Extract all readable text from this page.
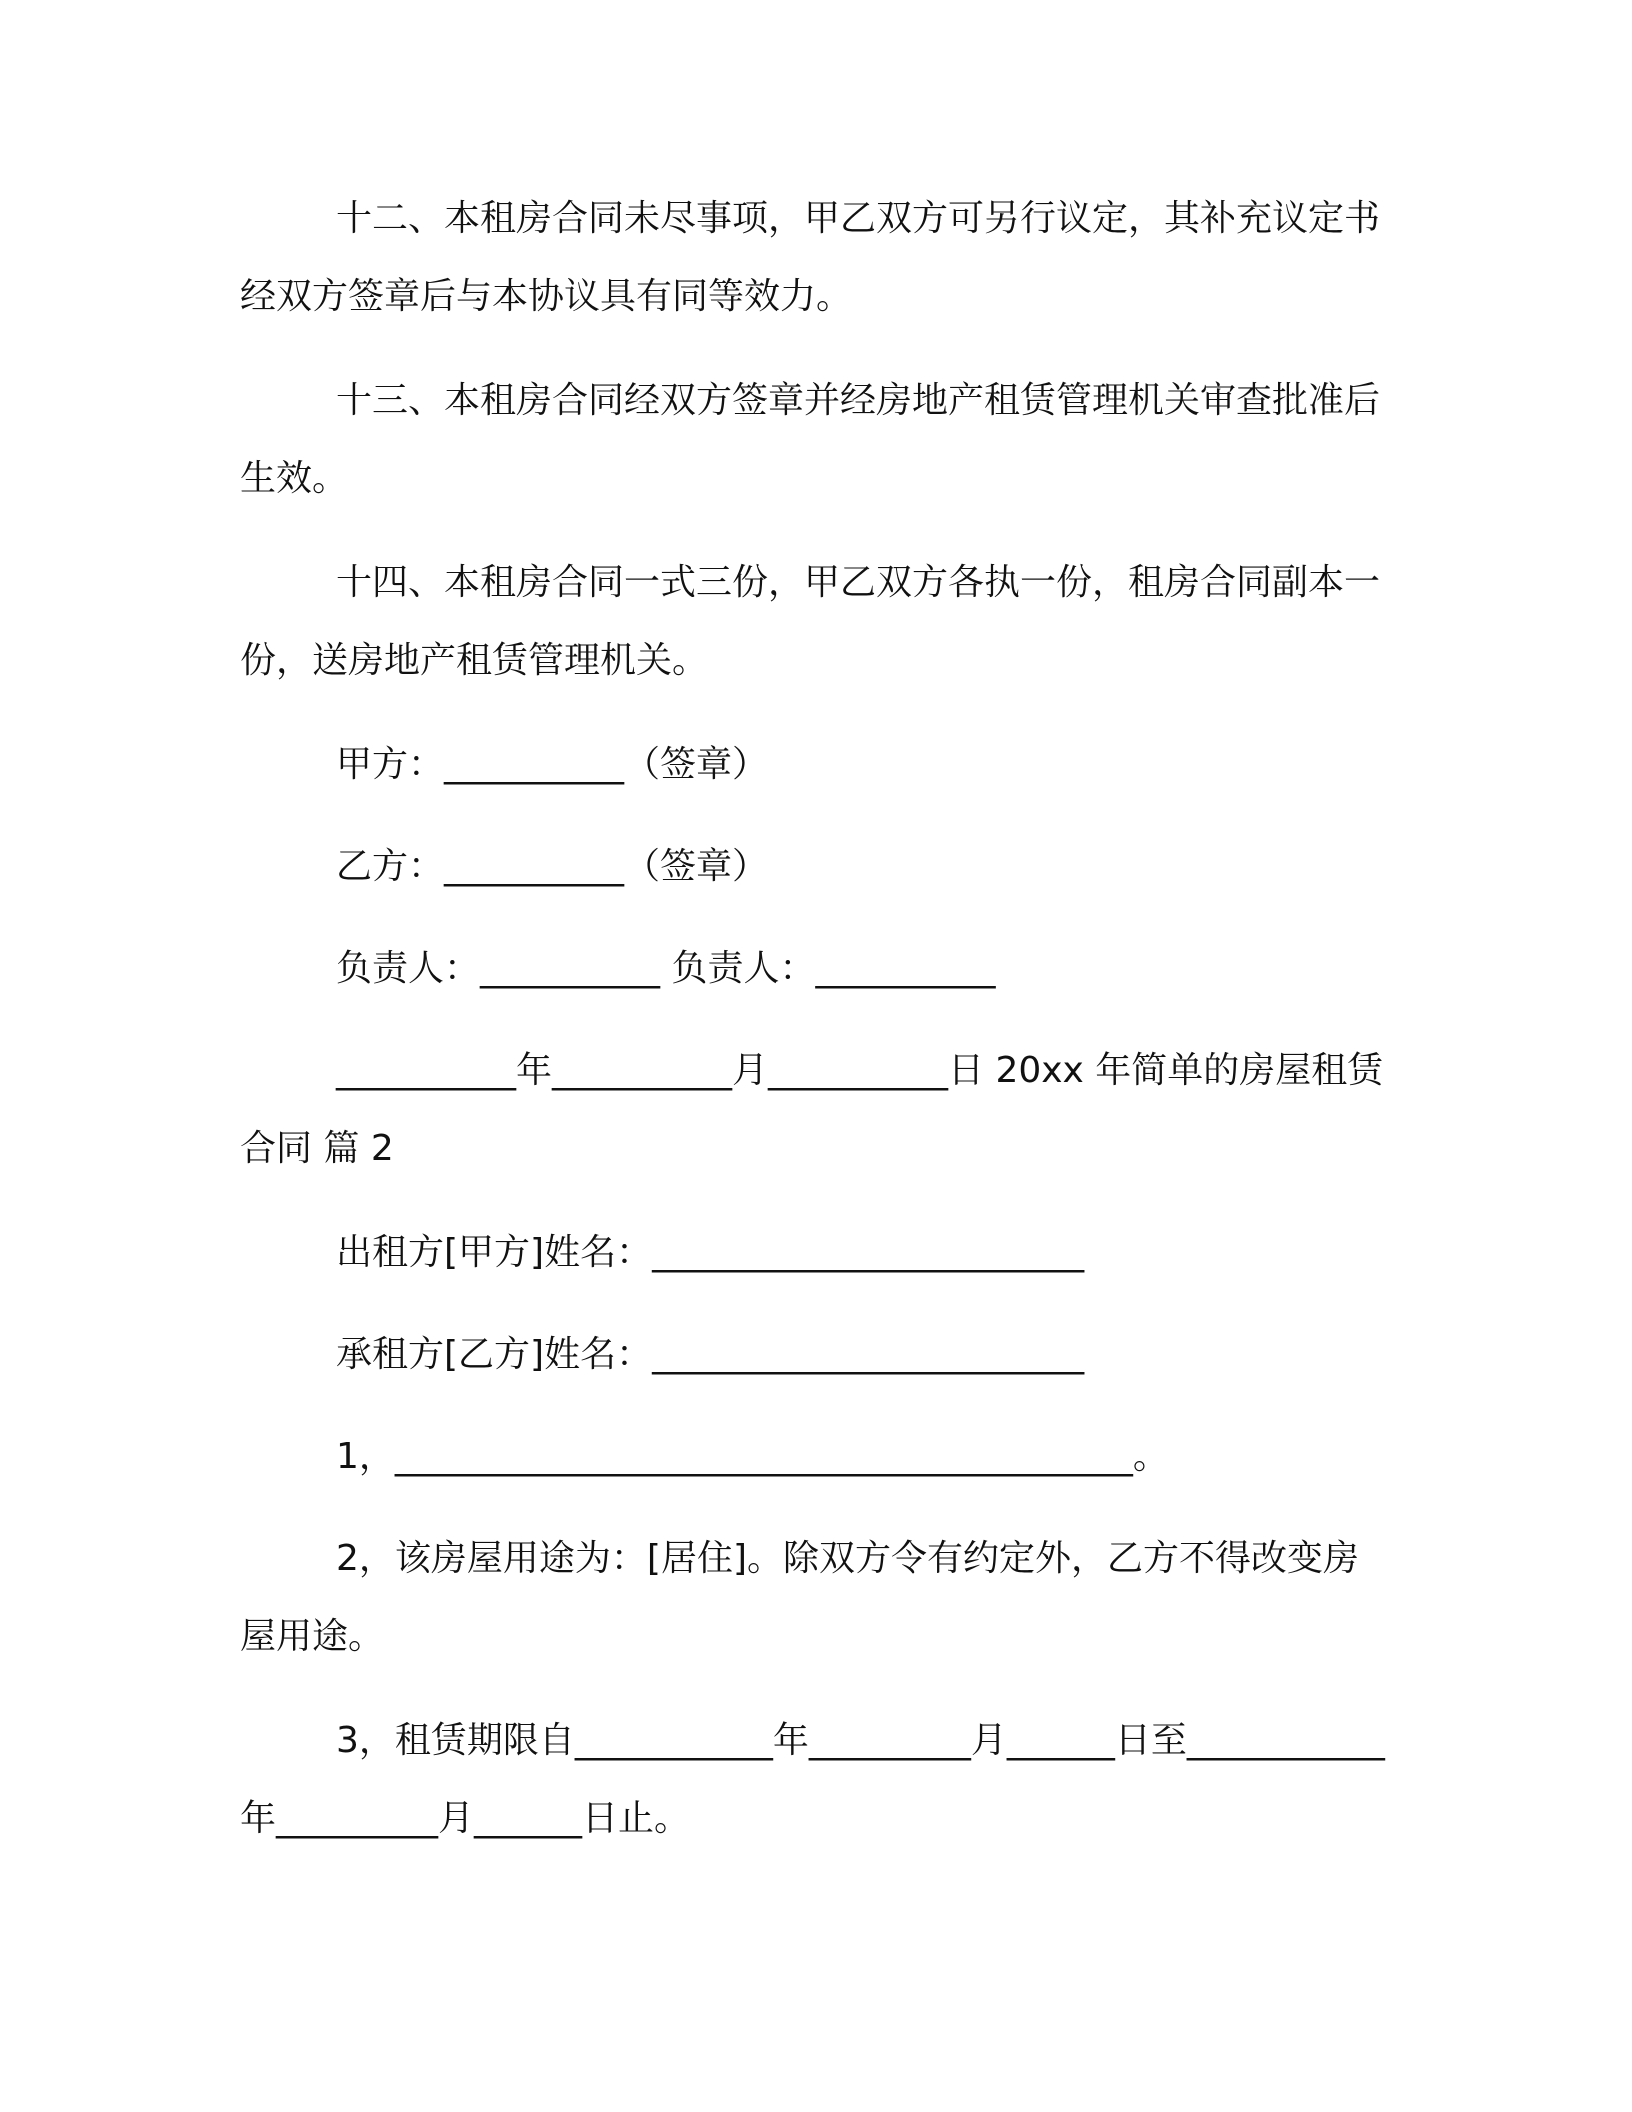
十二、本租房合同未尽事项，甲乙双方可另行议定，其补充议定书经双方签章后与本协议具有同等效力。

十三、本租房合同经双方签章并经房地产租赁管理机关审查批准后生效。

十四、本租房合同一式三份，甲乙双方各执一份，租房合同副本一份，送房地产租赁管理机关。

甲方：__________（签章）

乙方：__________（签章）

负责人：__________ 负责人：__________

__________年__________月__________日 20xx 年简单的房屋租赁合同 篇 2

出租方[甲方]姓名：________________________

承租方[乙方]姓名：________________________

1，_________________________________________。

2，该房屋用途为：[居住]。除双方令有约定外，乙方不得改变房屋用途。

3，租赁期限自___________年_________月______日至___________年_________月______日止。
